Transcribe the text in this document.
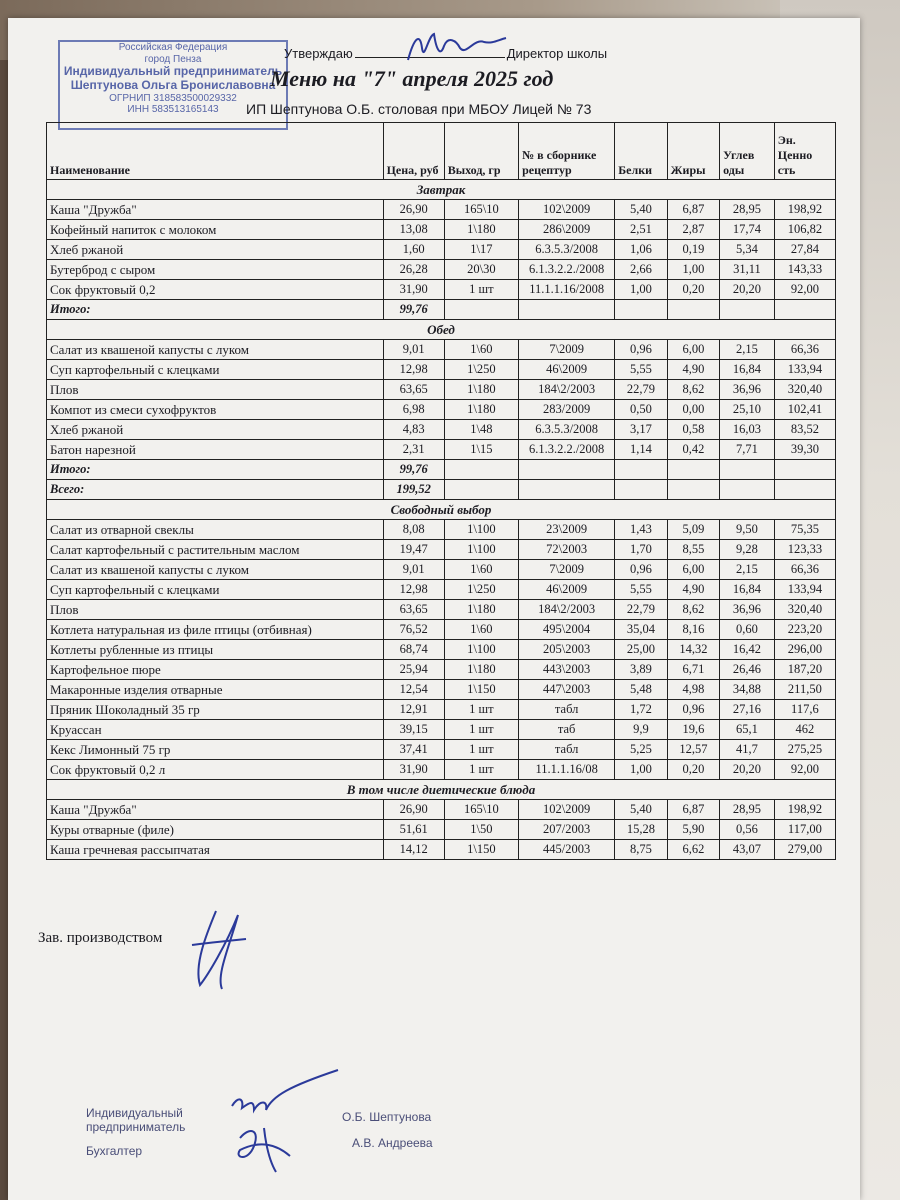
Российская Федерация
город Пенза
Индивидуальный предприниматель
Шептунова Ольга Брониславовна
ОГРНИП 318583500029332
ИНН 583513165143
Утверждаю	Директор школы
Меню на "7" апреля 2025 год
ИП Шептунова О.Б. столовая при МБОУ Лицей № 73
Наименование	Цена, руб	Выход, гр	№ в сборнике рецептур	Белки	Жиры	Углев оды	Эн. Ценно сть
Завтрак							
Каша "Дружба"	26,90	165\10	102\2009	5,40	6,87	28,95	198,92
Кофейный напиток с молоком	13,08	1\180	286\2009	2,51	2,87	17,74	106,82
Хлеб ржаной	1,60	1\17	6.3.5.3/2008	1,06	0,19	5,34	27,84
Бутерброд с сыром	26,28	20\30	6.1.3.2.2./2008	2,66	1,00	31,11	143,33
Сок фруктовый 0,2	31,90	1 шт	11.1.1.16/2008	1,00	0,20	20,20	92,00
Итого:	99,76						
Обед							
Салат из квашеной капусты с луком	9,01	1\60	7\2009	0,96	6,00	2,15	66,36
Суп картофельный с клецками	12,98	1\250	46\2009	5,55	4,90	16,84	133,94
Плов	63,65	1\180	184\2/2003	22,79	8,62	36,96	320,40
Компот из смеси сухофруктов	6,98	1\180	283/2009	0,50	0,00	25,10	102,41
Хлеб ржаной	4,83	1\48	6.3.5.3/2008	3,17	0,58	16,03	83,52
Батон нарезной	2,31	1\15	6.1.3.2.2./2008	1,14	0,42	7,71	39,30
Итого:	99,76						
Всего:	199,52						
Свободный выбор							
Салат из отварной свеклы	8,08	1\100	23\2009	1,43	5,09	9,50	75,35
Салат картофельный с растительным маслом	19,47	1\100	72\2003	1,70	8,55	9,28	123,33
Салат из квашеной капусты с луком	9,01	1\60	7\2009	0,96	6,00	2,15	66,36
Суп картофельный с клецками	12,98	1\250	46\2009	5,55	4,90	16,84	133,94
Плов	63,65	1\180	184\2/2003	22,79	8,62	36,96	320,40
Котлета натуральная из филе птицы (отбивная)	76,52	1\60	495\2004	35,04	8,16	0,60	223,20
Котлеты рубленные из птицы	68,74	1\100	205\2003	25,00	14,32	16,42	296,00
Картофельное пюре	25,94	1\180	443\2003	3,89	6,71	26,46	187,20
Макаронные изделия отварные	12,54	1\150	447\2003	5,48	4,98	34,88	211,50
Пряник Шоколадный 35 гр	12,91	1 шт	табл	1,72	0,96	27,16	117,6
Круассан	39,15	1 шт	таб	9,9	19,6	65,1	462
Кекс Лимонный 75 гр	37,41	1 шт	табл	5,25	12,57	41,7	275,25
Сок фруктовый 0,2 л	31,90	1 шт	11.1.1.16/08	1,00	0,20	20,20	92,00
В том числе диетические блюда							
Каша "Дружба"	26,90	165\10	102\2009	5,40	6,87	28,95	198,92
Куры отварные (филе)	51,61	1\50	207/2003	15,28	5,90	0,56	117,00
Каша гречневая рассыпчатая	14,12	1\150	445/2003	8,75	6,62	43,07	279,00
Зав. производством
Индивидуальный предприниматель
О.Б. Шептунова
Бухгалтер
А.В. Андреева
